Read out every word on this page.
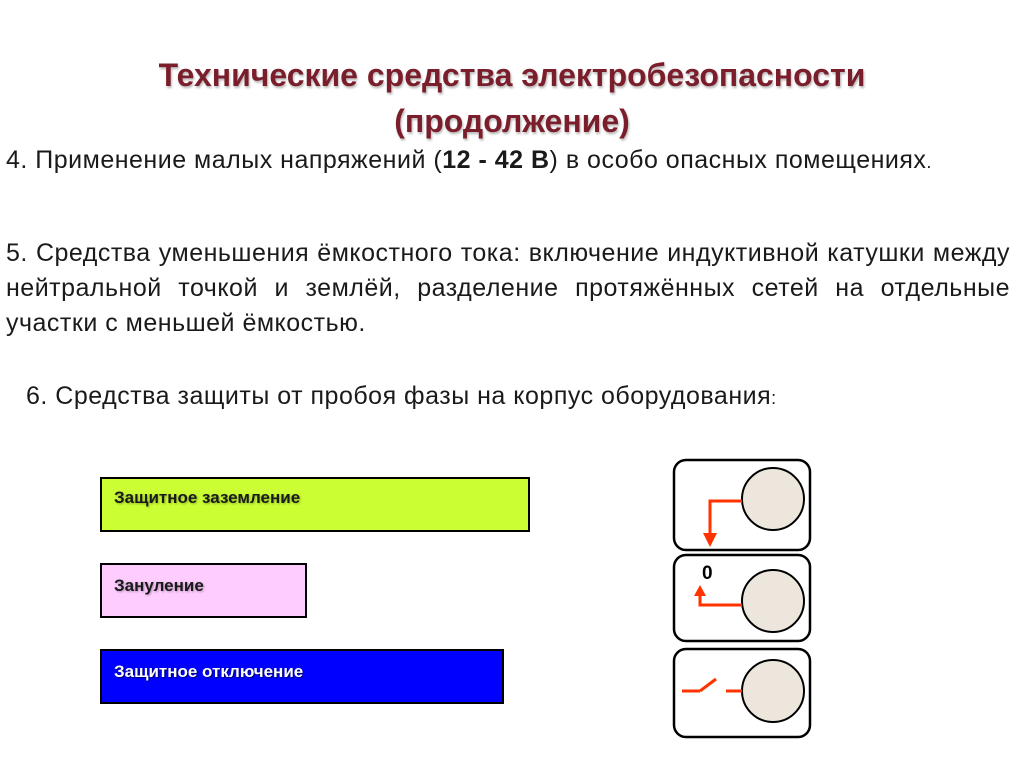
Технические средства электробезопасности
(продолжение)
4. Применение малых напряжений (12 - 42 В) в особо опасных помещениях.
5. Средства уменьшения ёмкостного тока: включение индуктивной катушки между нейтральной точкой и землёй, разделение протяжённых сетей на отдельные участки с меньшей ёмкостью.
6. Средства защиты от пробоя фазы на корпус оборудования:
Защитное заземление
Зануление
Защитное отключение
0
